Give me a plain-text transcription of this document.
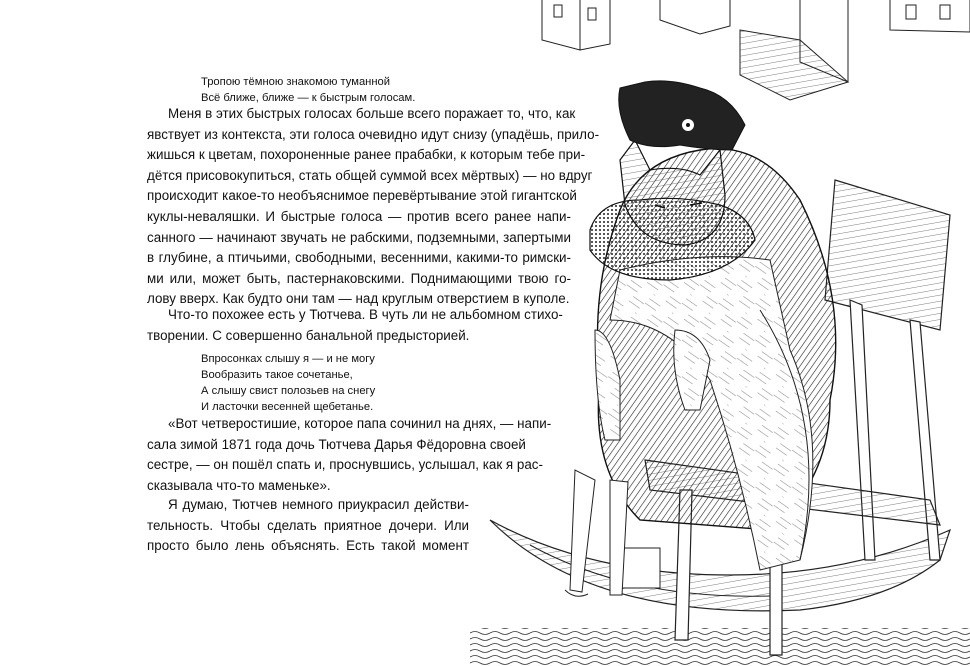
Тропою тёмною знакомою туманной
Всё ближе, ближе — к быстрым голосам.
Меня в этих быстрых голосах больше всего поражает то, что, как
явствует из контекста, эти голоса очевидно идут снизу (упадёшь, прило-
жишься к цветам, похороненные ранее прабабки, к которым тебе при-
дётся присовокупиться, стать общей суммой всех мёртвых) — но вдруг
происходит какое-то необъяснимое перевёртывание этой гигантской
куклы-неваляшки. И быстрые голоса — против всего ранее напи-
санного — начинают звучать не рабскими, подземными, запертыми
в глубине, а птичьими, свободными, весенними, какими-то римски-
ми или, может быть, пастернаковскими. Поднимающими твою го-
лову вверх. Как будто они там — над круглым отверстием в куполе.
Что-то похожее есть у Тютчева. В чуть ли не альбомном стихо-
творении. С совершенно банальной предысторией.
Впросонках слышу я — и не могу
Вообразить такое сочетанье,
А слышу свист полозьев на снегу
И ласточки весенней щебетанье.
«Вот четверостишие, которое папа сочинил на днях, — напи-
сала зимой 1871 года дочь Тютчева Дарья Фёдоровна своей
сестре, — он пошёл спать и, проснувшись, услышал, как я рас-
сказывала что-то маменьке».
Я думаю, Тютчев немного приукрасил действи-
тельность. Чтобы сделать приятное дочери. Или
просто было лень объяснять. Есть такой момент
